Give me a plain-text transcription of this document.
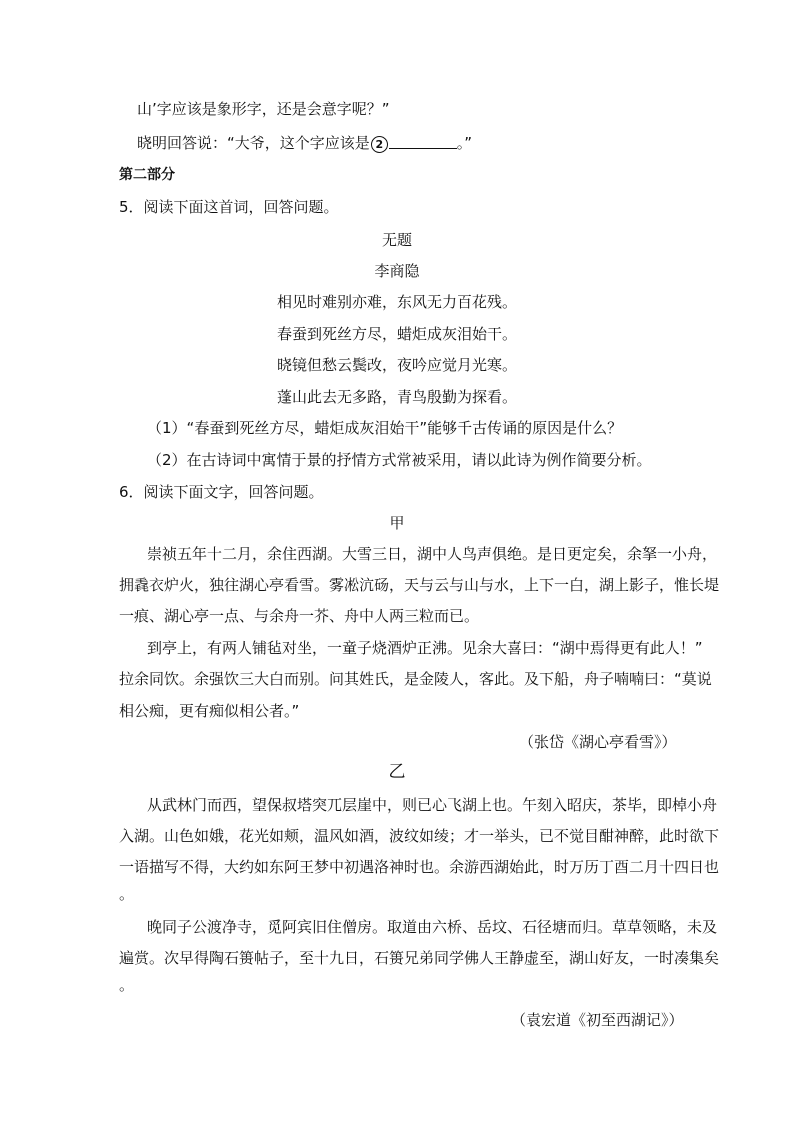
山’字应该是象形字，还是会意字呢？”
晓明回答说：“大爷，这个字应该是 2	。”
第二部分
5．阅读下面这首词，回答问题。
无题
李商隐
相见时难别亦难，东风无力百花残。
春蚕到死丝方尽，蜡炬成灰泪始干。
晓镜但愁云鬓改，夜吟应觉月光寒。
蓬山此去无多路，青鸟殷勤为探看。
（1）“春蚕到死丝方尽，蜡炬成灰泪始干”能够千古传诵的原因是什么？
（2）在古诗词中寓情于景的抒情方式常被采用，请以此诗为例作简要分析。
6．阅读下面文字，回答问题。
甲
崇祯五年十二月，余住西湖。大雪三日，湖中人鸟声俱绝。是日更定矣，余拏一小舟，
拥毳衣炉火，独往湖心亭看雪。雾凇沆砀，天与云与山与水，上下一白，湖上影子，惟长堤
一痕、湖心亭一点、与余舟一芥、舟中人两三粒而已。
到亭上，有两人铺毡对坐，一童子烧酒炉正沸。见余大喜曰：“湖中焉得更有此人！”
拉余同饮。余强饮三大白而别。问其姓氏，是金陵人，客此。及下船，舟子喃喃曰：“莫说
相公痴，更有痴似相公者。”
（张岱《湖心亭看雪》）
乙
从武林门而西，望保叔塔突兀层崖中，则已心飞湖上也。午刻入昭庆，茶毕，即棹小舟
入湖。山色如娥，花光如颊，温风如酒，波纹如绫；才一举头，已不觉目酣神醉，此时欲下
一语描写不得，大约如东阿王梦中初遇洛神时也。余游西湖始此，时万历丁酉二月十四日也
。
晚同子公渡净寺，觅阿宾旧住僧房。取道由六桥、岳坟、石径塘而归。草草领略，未及
遍赏。次早得陶石篑帖子，至十九日，石篑兄弟同学佛人王静虚至，湖山好友，一时凑集矣
。
（袁宏道《初至西湖记》）
